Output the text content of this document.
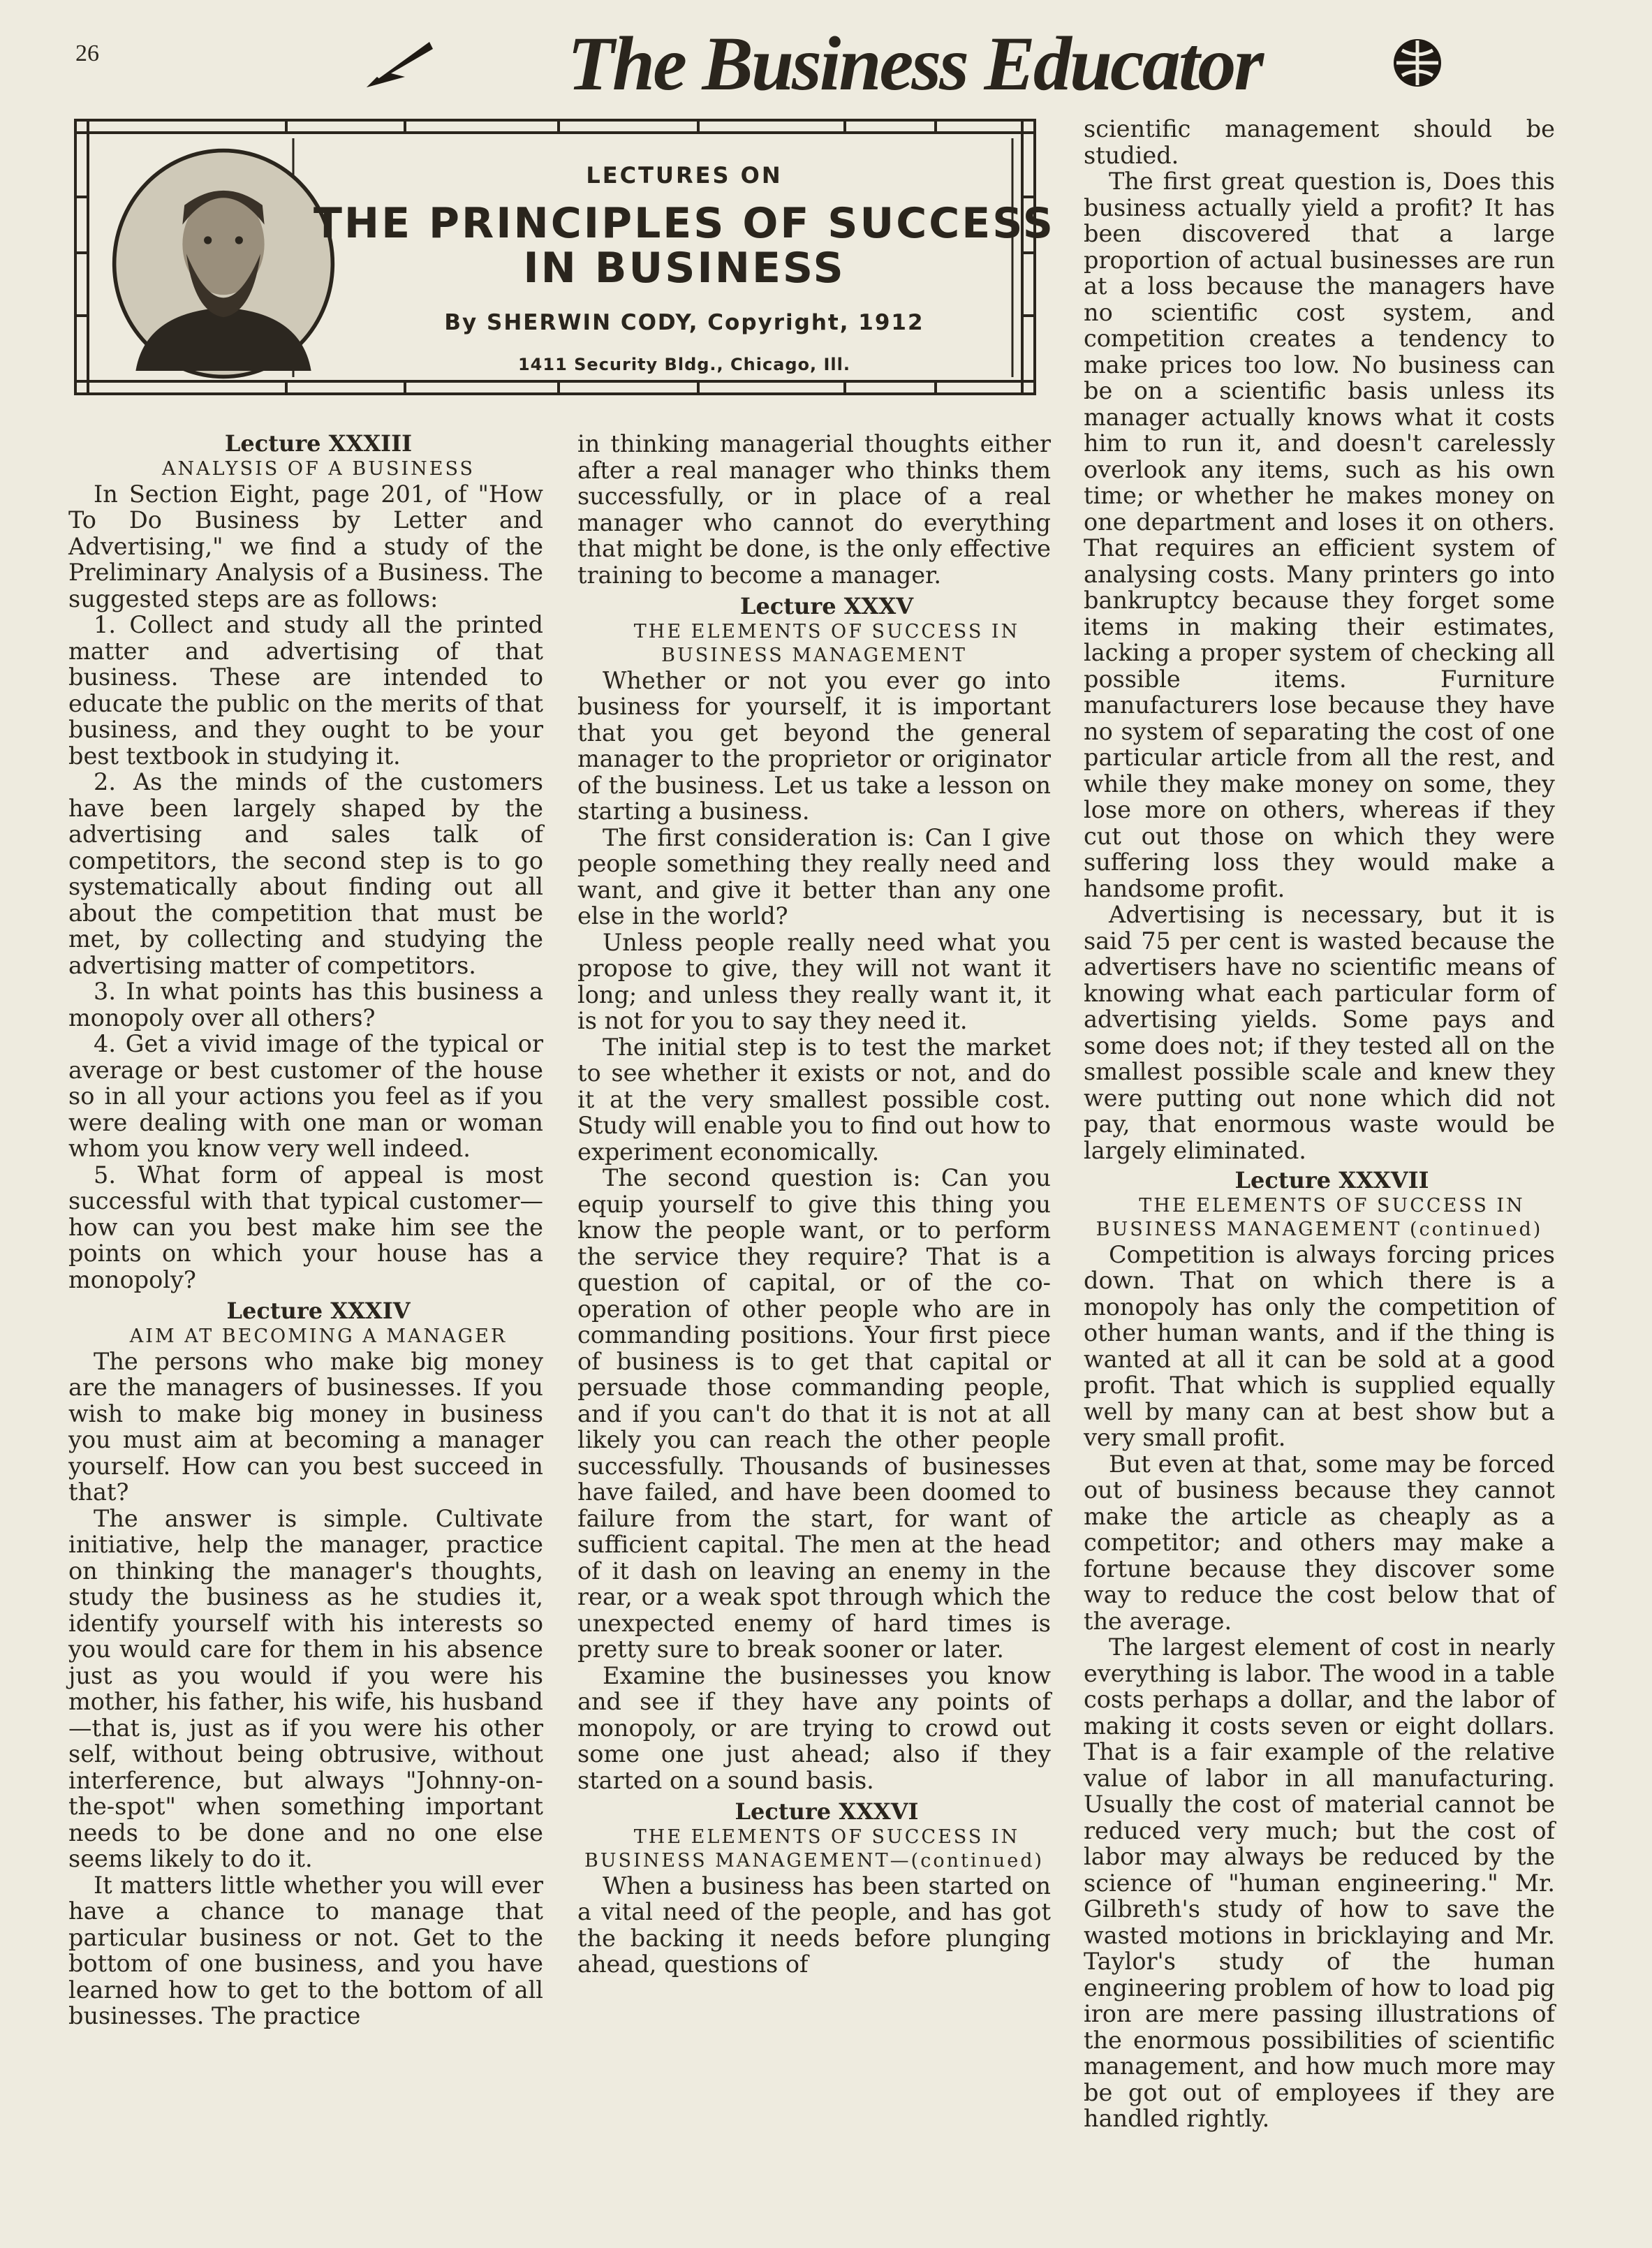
26	The Business Educator

LECTURES ON

THE PRINCIPLES OF SUCCESS

IN BUSINESS

By SHERWIN CODY, Copyright, 1912

1411 Security Bldg., Chicago, Ill.

Lecture XXXIII

ANALYSIS OF A BUSINESS

In Section Eight, page 201, of "How To Do Business by Letter and Advertising," we find a study of the Preliminary Analysis of a Business. The suggested steps are as follows:

1. Collect and study all the printed matter and advertising of that business. These are intended to educate the public on the merits of that business, and they ought to be your best textbook in studying it.

2. As the minds of the customers have been largely shaped by the advertising and sales talk of competitors, the second step is to go systematically about finding out all about the competition that must be met, by collecting and studying the advertising matter of competitors.

3. In what points has this business a monopoly over all others?

4. Get a vivid image of the typical or average or best customer of the house so in all your actions you feel as if you were dealing with one man or woman whom you know very well indeed.

5. What form of appeal is most successful with that typical customer—how can you best make him see the points on which your house has a monopoly?

Lecture XXXIV

AIM AT BECOMING A MANAGER

The persons who make big money are the managers of businesses. If you wish to make big money in business you must aim at becoming a manager yourself. How can you best succeed in that?

The answer is simple. Cultivate initiative, help the manager, practice on thinking the manager's thoughts, study the business as he studies it, identify yourself with his interests so you would care for them in his absence just as you would if you were his mother, his father, his wife, his husband—that is, just as if you were his other self, without being obtrusive, without interference, but always "Johnny-on-the-spot" when something important needs to be done and no one else seems likely to do it.

It matters little whether you will ever have a chance to manage that particular business or not. Get to the bottom of one business, and you have learned how to get to the bottom of all businesses. The practice

in thinking managerial thoughts either after a real manager who thinks them successfully, or in place of a real manager who cannot do everything that might be done, is the only effective training to become a manager.

Lecture XXXV

THE ELEMENTS OF SUCCESS IN BUSINESS MANAGEMENT

Whether or not you ever go into business for yourself, it is important that you get beyond the general manager to the proprietor or originator of the business. Let us take a lesson on starting a business.

The first consideration is: Can I give people something they really need and want, and give it better than any one else in the world?

Unless people really need what you propose to give, they will not want it long; and unless they really want it, it is not for you to say they need it.

The initial step is to test the market to see whether it exists or not, and do it at the very smallest possible cost. Study will enable you to find out how to experiment economically.

The second question is: Can you equip yourself to give this thing you know the people want, or to perform the service they require? That is a question of capital, or of the co-operation of other people who are in commanding positions. Your first piece of business is to get that capital or persuade those commanding people, and if you can't do that it is not at all likely you can reach the other people successfully. Thousands of businesses have failed, and have been doomed to failure from the start, for want of sufficient capital. The men at the head of it dash on leaving an enemy in the rear, or a weak spot through which the unexpected enemy of hard times is pretty sure to break sooner or later.

Examine the businesses you know and see if they have any points of monopoly, or are trying to crowd out some one just ahead; also if they started on a sound basis.

Lecture XXXVI

THE ELEMENTS OF SUCCESS IN BUSINESS MANAGEMENT—(continued)

When a business has been started on a vital need of the people, and has got the backing it needs before plunging ahead, questions of

scientific management should be studied.

The first great question is, Does this business actually yield a profit? It has been discovered that a large proportion of actual businesses are run at a loss because the managers have no scientific cost system, and competition creates a tendency to make prices too low. No business can be on a scientific basis unless its manager actually knows what it costs him to run it, and doesn't carelessly overlook any items, such as his own time; or whether he makes money on one department and loses it on others. That requires an efficient system of analysing costs. Many printers go into bankruptcy because they forget some items in making their estimates, lacking a proper system of checking all possible items. Furniture manufacturers lose because they have no system of separating the cost of one particular article from all the rest, and while they make money on some, they lose more on others, whereas if they cut out those on which they were suffering loss they would make a handsome profit.

Advertising is necessary, but it is said 75 per cent is wasted because the advertisers have no scientific means of knowing what each particular form of advertising yields. Some pays and some does not; if they tested all on the smallest possible scale and knew they were putting out none which did not pay, that enormous waste would be largely eliminated.

Lecture XXXVII

THE ELEMENTS OF SUCCESS IN BUSINESS MANAGEMENT (continued)

Competition is always forcing prices down. That on which there is a monopoly has only the competition of other human wants, and if the thing is wanted at all it can be sold at a good profit. That which is supplied equally well by many can at best show but a very small profit.

But even at that, some may be forced out of business because they cannot make the article as cheaply as a competitor; and others may make a fortune because they discover some way to reduce the cost below that of the average.

The largest element of cost in nearly everything is labor. The wood in a table costs perhaps a dollar, and the labor of making it costs seven or eight dollars. That is a fair example of the relative value of labor in all manufacturing. Usually the cost of material cannot be reduced very much; but the cost of labor may always be reduced by the science of "human engineering." Mr. Gilbreth's study of how to save the wasted motions in bricklaying and Mr. Taylor's study of the human engineering problem of how to load pig iron are mere passing illustrations of the enormous possibilities of scientific management, and how much more may be got out of employees if they are handled rightly.
